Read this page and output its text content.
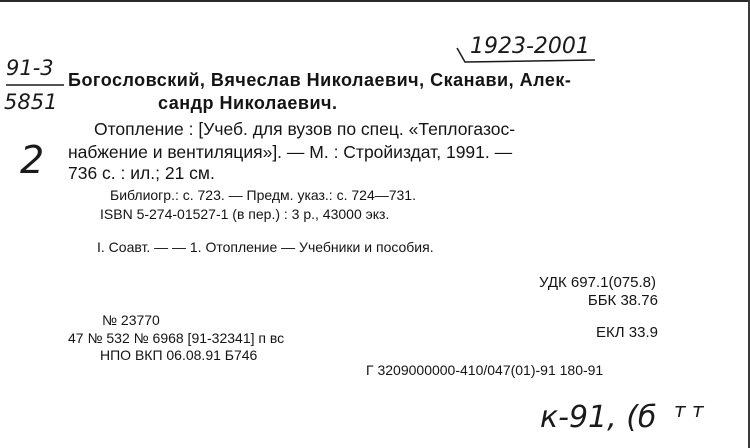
1923-2001
91-3
5851
2
Богословский, Вячеслав Николаевич, Сканави, Алек-
сандр Николаевич.
Отопление : [Учеб. для вузов по спец. «Теплогазос-
набжение и вентиляция»]. — М. : Стройиздат, 1991. —
736 с. : ил.; 21 см.
Библиогр.: с. 723. — Предм. указ.: с. 724—731.
ISBN 5-274-01527-1 (в пер.) : 3 р., 43000 экз.
I. Соавт. — — 1. Отопление — Учебники и пособия.
УДК 697.1(075.8)
ББК 38.76
ЕКЛ 33.9
№ 23770
47 № 532 № 6968 [91-32341] п вс
НПО ВКП 06.08.91 Б746
Г 3209000000-410/047(01)-91 180-91
к-91, (б т т
